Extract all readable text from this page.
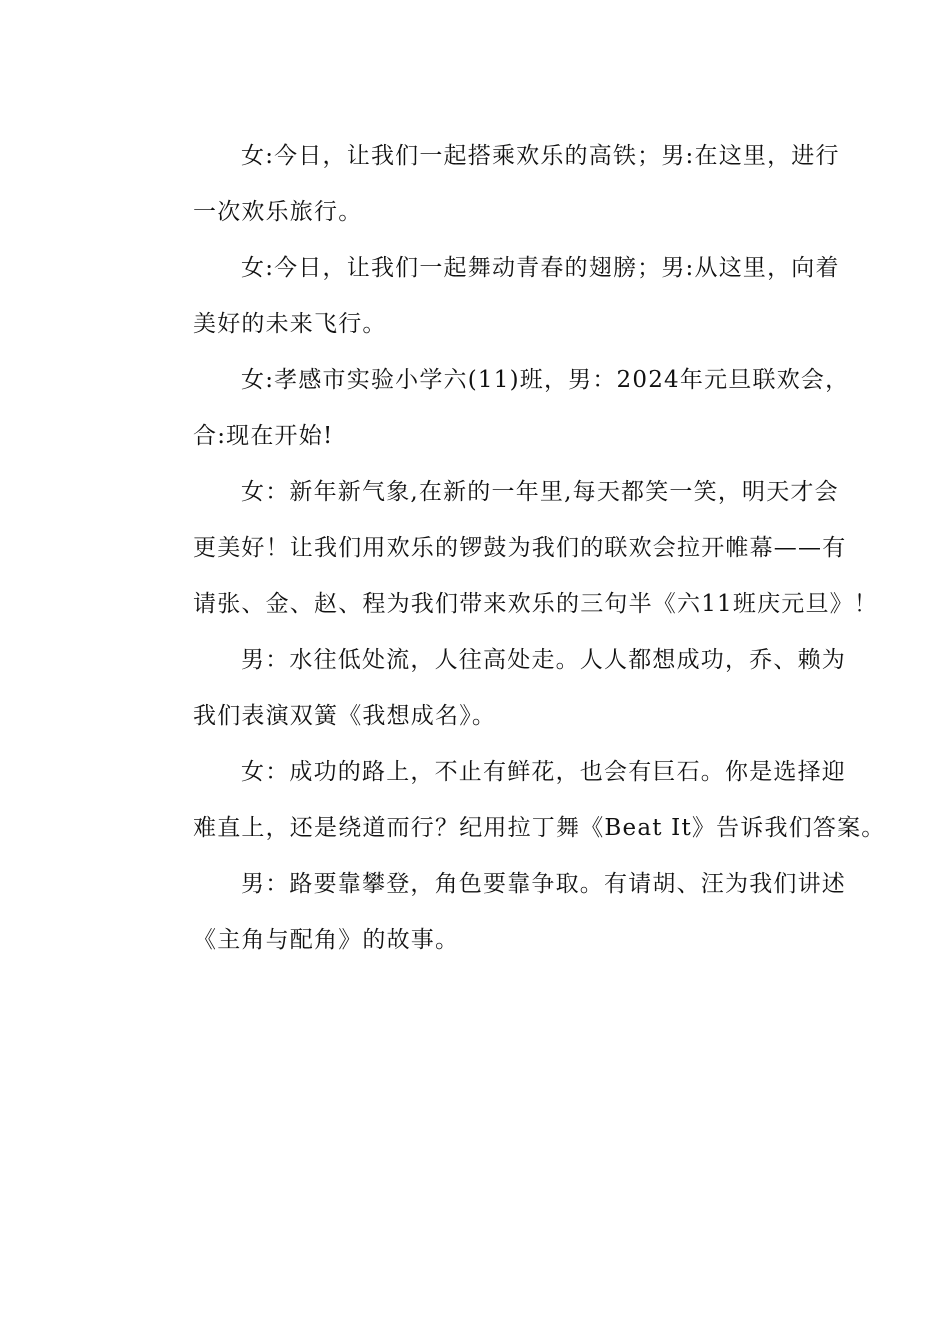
女:今日，让我们一起搭乘欢乐的高铁；男:在这里，进行
一次欢乐旅行。
女:今日，让我们一起舞动青春的翅膀；男:从这里，向着
美好的未来飞行。
女:孝感市实验小学六(11)班，男：2024年元旦联欢会，
合:现在开始!
女：新年新气象,在新的一年里,每天都笑一笑，明天才会
更美好！让我们用欢乐的锣鼓为我们的联欢会拉开帷幕——有
请张、金、赵、程为我们带来欢乐的三句半《六11班庆元旦》！
男：水往低处流，人往高处走。人人都想成功，乔、赖为
我们表演双簧《我想成名》。
女：成功的路上，不止有鲜花，也会有巨石。你是选择迎
难直上，还是绕道而行？纪用拉丁舞《Beat It》告诉我们答案。
男：路要靠攀登，角色要靠争取。有请胡、汪为我们讲述
《主角与配角》的故事。
